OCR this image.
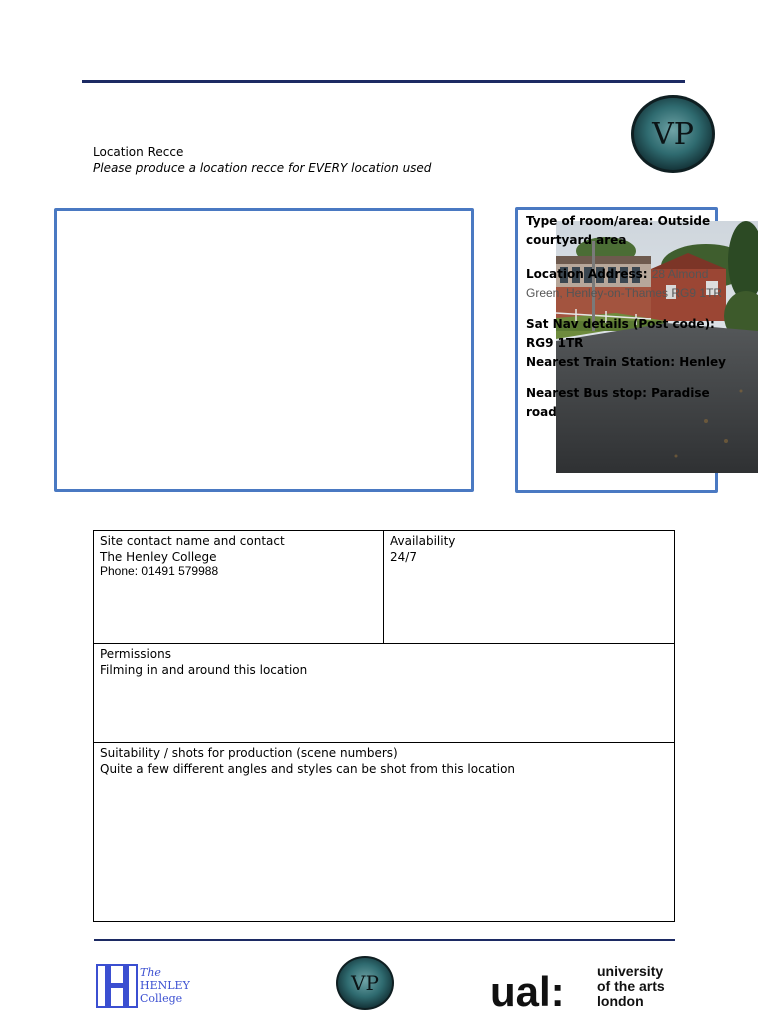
VP
Location Recce
Please produce a location recce for EVERY location used

Type of room/area: Outside courtyard area

Location Address: 28 Almond Green, Henley-on-Thames RG9 1TR

Sat Nav details (Post code): RG9 1TR

Nearest Train Station: Henley

Nearest Bus stop: Paradise road

Site contact name and contact
The Henley College
Phone: 01491 579988
Availability
24/7
Permissions
Filming in and around this location
Suitability / shots for production (scene numbers)
Quite a few different angles and styles can be shot from this location
The
HENLEY
College
VP	ual: university
of the arts
london
